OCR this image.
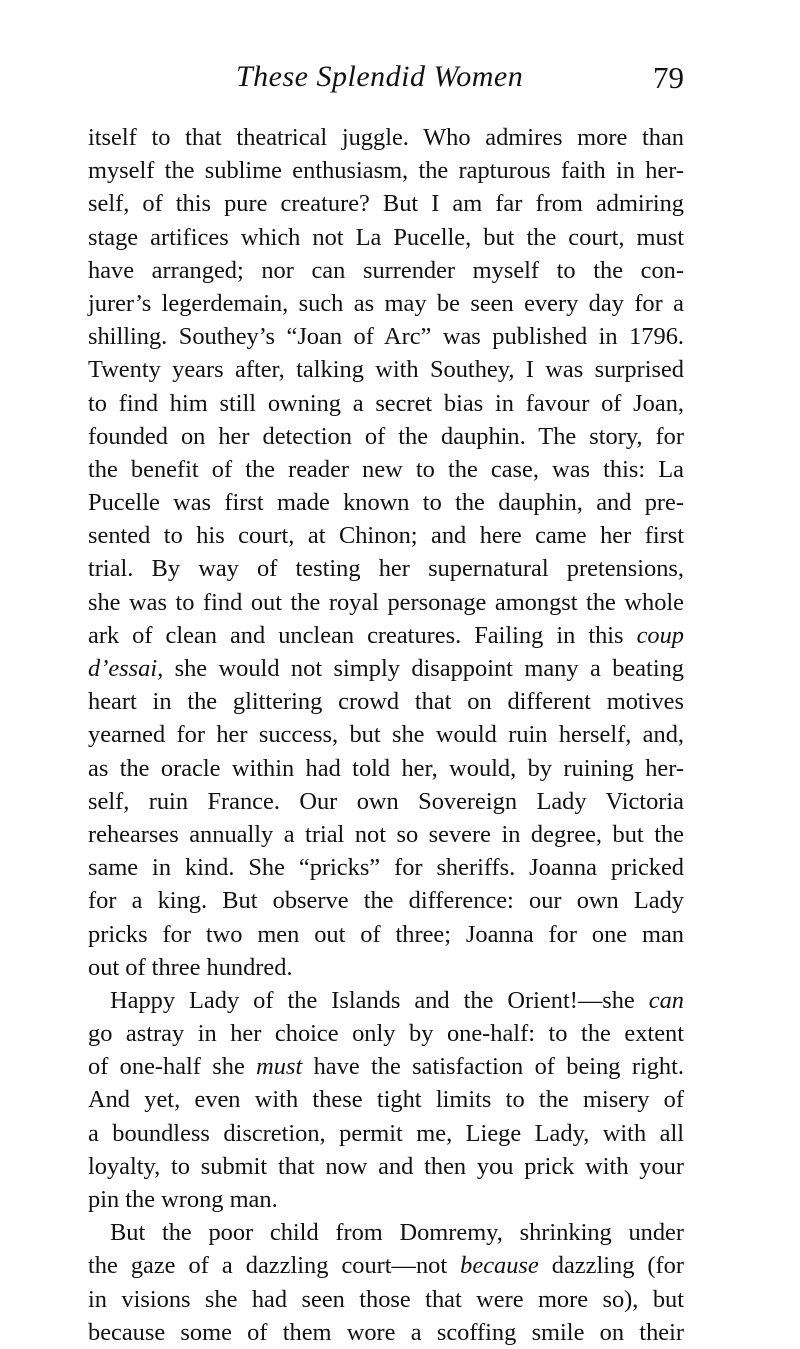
These Splendid Women	79
itself to that theatrical juggle. Who admires more than
myself the sublime enthusiasm, the rapturous faith in her-
self, of this pure creature? But I am far from admiring
stage artifices which not La Pucelle, but the court, must
have arranged; nor can surrender myself to the con-
jurer’s legerdemain, such as may be seen every day for a
shilling. Southey’s “Joan of Arc” was published in 1796.
Twenty years after, talking with Southey, I was surprised
to find him still owning a secret bias in favour of Joan,
founded on her detection of the dauphin. The story, for
the benefit of the reader new to the case, was this: La
Pucelle was first made known to the dauphin, and pre-
sented to his court, at Chinon; and here came her first
trial. By way of testing her supernatural pretensions,
she was to find out the royal personage amongst the whole
ark of clean and unclean creatures. Failing in this coup
d’essai, she would not simply disappoint many a beating
heart in the glittering crowd that on different motives
yearned for her success, but she would ruin herself, and,
as the oracle within had told her, would, by ruining her-
self, ruin France. Our own Sovereign Lady Victoria
rehearses annually a trial not so severe in degree, but the
same in kind. She “pricks” for sheriffs. Joanna pricked
for a king. But observe the difference: our own Lady
pricks for two men out of three; Joanna for one man
out of three hundred.
Happy Lady of the Islands and the Orient!—she can
go astray in her choice only by one-half: to the extent
of one-half she must have the satisfaction of being right.
And yet, even with these tight limits to the misery of
a boundless discretion, permit me, Liege Lady, with all
loyalty, to submit that now and then you prick with your
pin the wrong man.
But the poor child from Domremy, shrinking under
the gaze of a dazzling court—not because dazzling (for
in visions she had seen those that were more so), but
because some of them wore a scoffing smile on their
